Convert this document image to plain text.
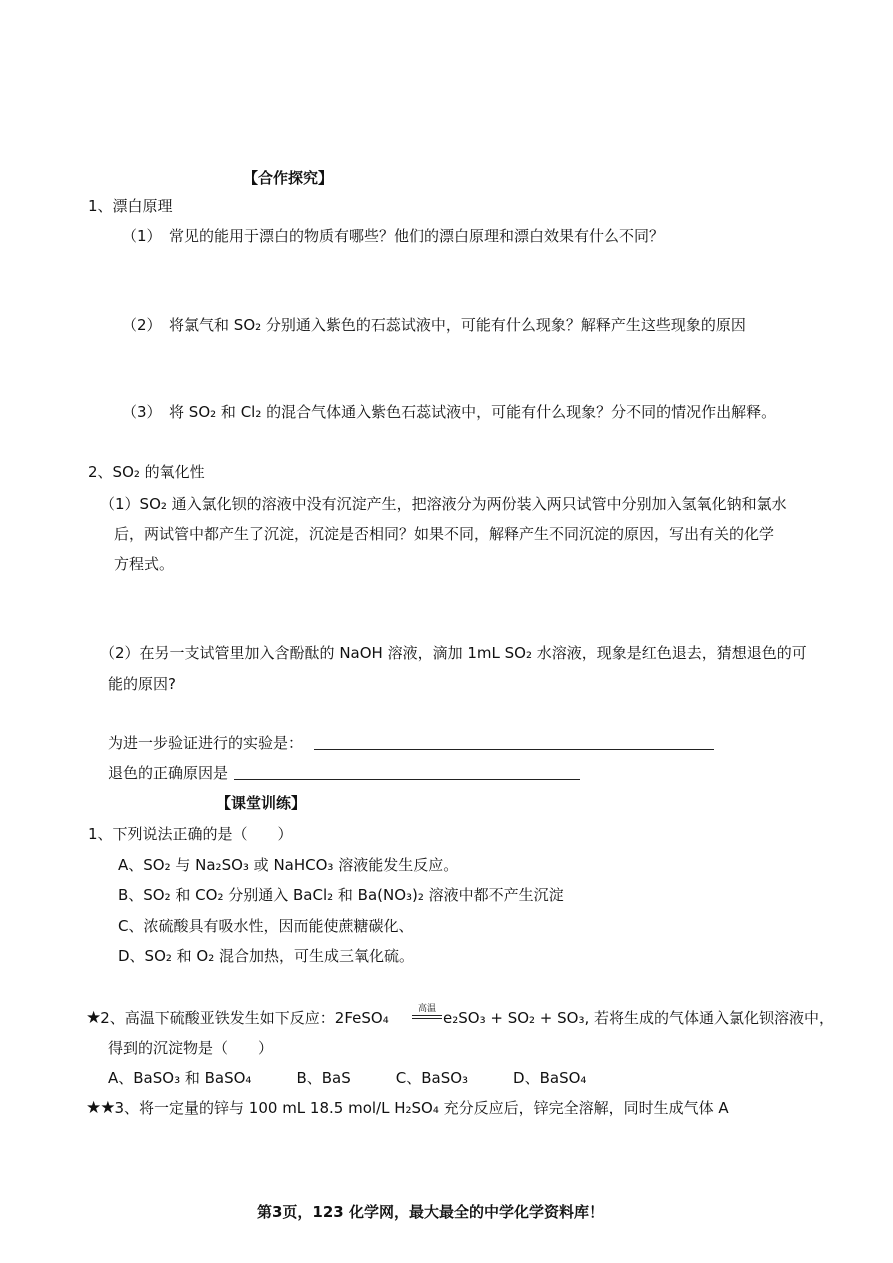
【合作探究】
1、漂白原理
（1）　常见的能用于漂白的物质有哪些？他们的漂白原理和漂白效果有什么不同？
（2）　将氯气和 SO₂ 分别通入紫色的石蕊试液中，可能有什么现象？解释产生这些现象的原因
（3）　将 SO₂ 和 Cl₂ 的混合气体通入紫色石蕊试液中，可能有什么现象？分不同的情况作出解释。
2、SO₂ 的氧化性
（1）SO₂ 通入氯化钡的溶液中没有沉淀产生，把溶液分为两份装入两只试管中分别加入氢氧化钠和氯水
后，两试管中都产生了沉淀，沉淀是否相同？如果不同，解释产生不同沉淀的原因，写出有关的化学
方程式。
（2）在另一支试管里加入含酚酞的 NaOH 溶液，滴加 1mL SO₂ 水溶液，现象是红色退去，猜想退色的可
能的原因?
为进一步验证进行的实验是：
退色的正确原因是
【课堂训练】
1、下列说法正确的是（　　）
A、SO₂ 与 Na₂SO₃ 或 NaHCO₃ 溶液能发生反应。
B、SO₂ 和 CO₂ 分别通入 BaCl₂ 和 Ba(NO₃)₂ 溶液中都不产生沉淀
C、浓硫酸具有吸水性，因而能使蔗糖碳化、
D、SO₂ 和 O₂ 混合加热，可生成三氧化硫。
★2、高温下硫酸亚铁发生如下反应：2FeSO₄	高温 e₂SO₃ + SO₂ + SO₃, 若将生成的气体通入氯化钡溶液中，
得到的沉淀物是（　　）
A、BaSO₃ 和 BaSO₄　　　B、BaS　　　C、BaSO₃　　　D、BaSO₄
★★3、将一定量的锌与 100 mL 18.5 mol/L H₂SO₄ 充分反应后，锌完全溶解，同时生成气体 A
第3页，123 化学网，最大最全的中学化学资料库！
